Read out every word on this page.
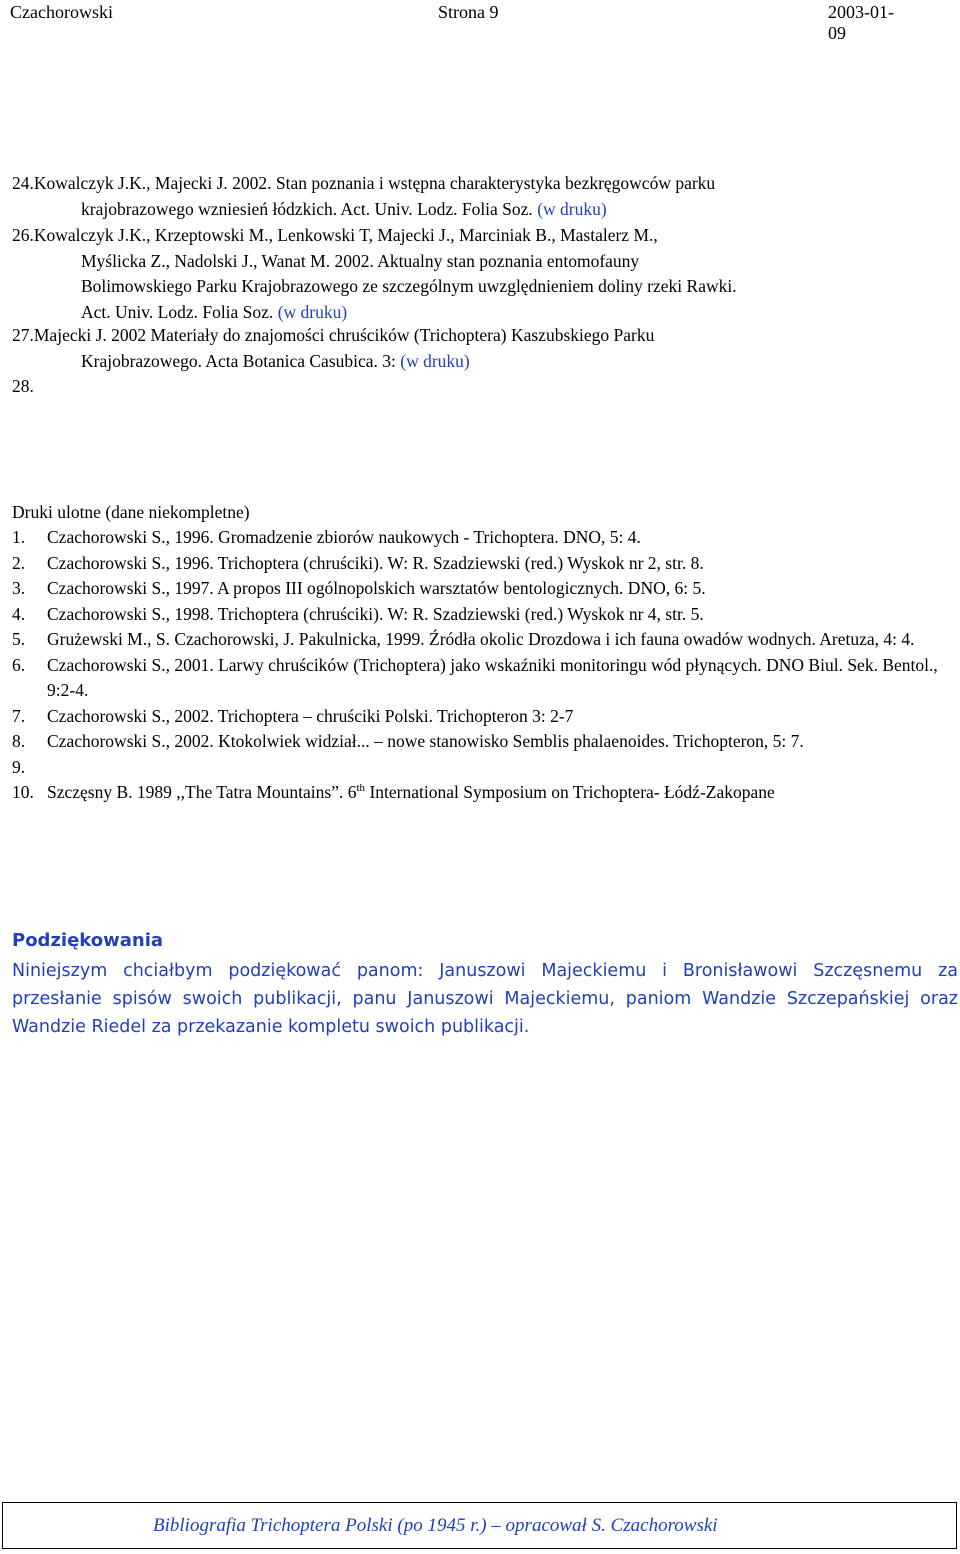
Czachorowski	Strona 9	2003-01-09
24.Kowalczyk J.K., Majecki J. 2002. Stan poznania i wstępna charakterystyka bezkręgowców parku
krajobrazowego wzniesień łódzkich. Act. Univ. Lodz. Folia Soz. (w druku)
26.Kowalczyk J.K., Krzeptowski M., Lenkowski T, Majecki J., Marciniak B., Mastalerz M.,
Myślicka Z., Nadolski J., Wanat M. 2002. Aktualny stan poznania entomofauny
Bolimowskiego Parku Krajobrazowego ze szczególnym uwzględnieniem doliny rzeki Rawki.
Act. Univ. Lodz. Folia Soz. (w druku)
27.Majecki J. 2002 Materiały do znajomości chruścików (Trichoptera) Kaszubskiego Parku
Krajobrazowego. Acta Botanica Casubica. 3: (w druku)
28.
Druki ulotne (dane niekompletne)
1. Czachorowski S., 1996. Gromadzenie zbiorów naukowych - Trichoptera. DNO, 5: 4.
2. Czachorowski S., 1996. Trichoptera (chruściki). W: R. Szadziewski (red.) Wyskok nr 2, str. 8.
3. Czachorowski S., 1997. A propos III ogólnopolskich warsztatów bentologicznych. DNO, 6: 5.
4. Czachorowski S., 1998. Trichoptera (chruściki). W: R. Szadziewski (red.) Wyskok nr 4, str. 5.
5. Grużewski M., S. Czachorowski, J. Pakulnicka, 1999. Źródła okolic Drozdowa i ich fauna owadów wodnych. Aretuza, 4: 4.
6. Czachorowski S., 2001. Larwy chruścików (Trichoptera) jako wskaźniki monitoringu wód płynących. DNO Biul. Sek. Bentol., 9:2-4.
7. Czachorowski S., 2002. Trichoptera – chruściki Polski. Trichopteron 3: 2-7
8. Czachorowski S., 2002. Ktokolwiek widział... – nowe stanowisko Semblis phalaenoides. Trichopteron, 5: 7.
9.

10. Szczęsny B. 1989 ,,The Tatra Mountains”. 6th International Symposium on Trichoptera- Łódź-Zakopane
Podziękowania
Niniejszym chciałbym podziękować panom: Januszowi Majeckiemu i Bronisławowi Szczęsnemu za przesłanie spisów swoich publikacji, panu Januszowi Majeckiemu, paniom Wandzie Szczepańskiej oraz Wandzie Riedel za przekazanie kompletu swoich publikacji.
Bibliografia Trichoptera Polski (po 1945 r.) – opracował S. Czachorowski
